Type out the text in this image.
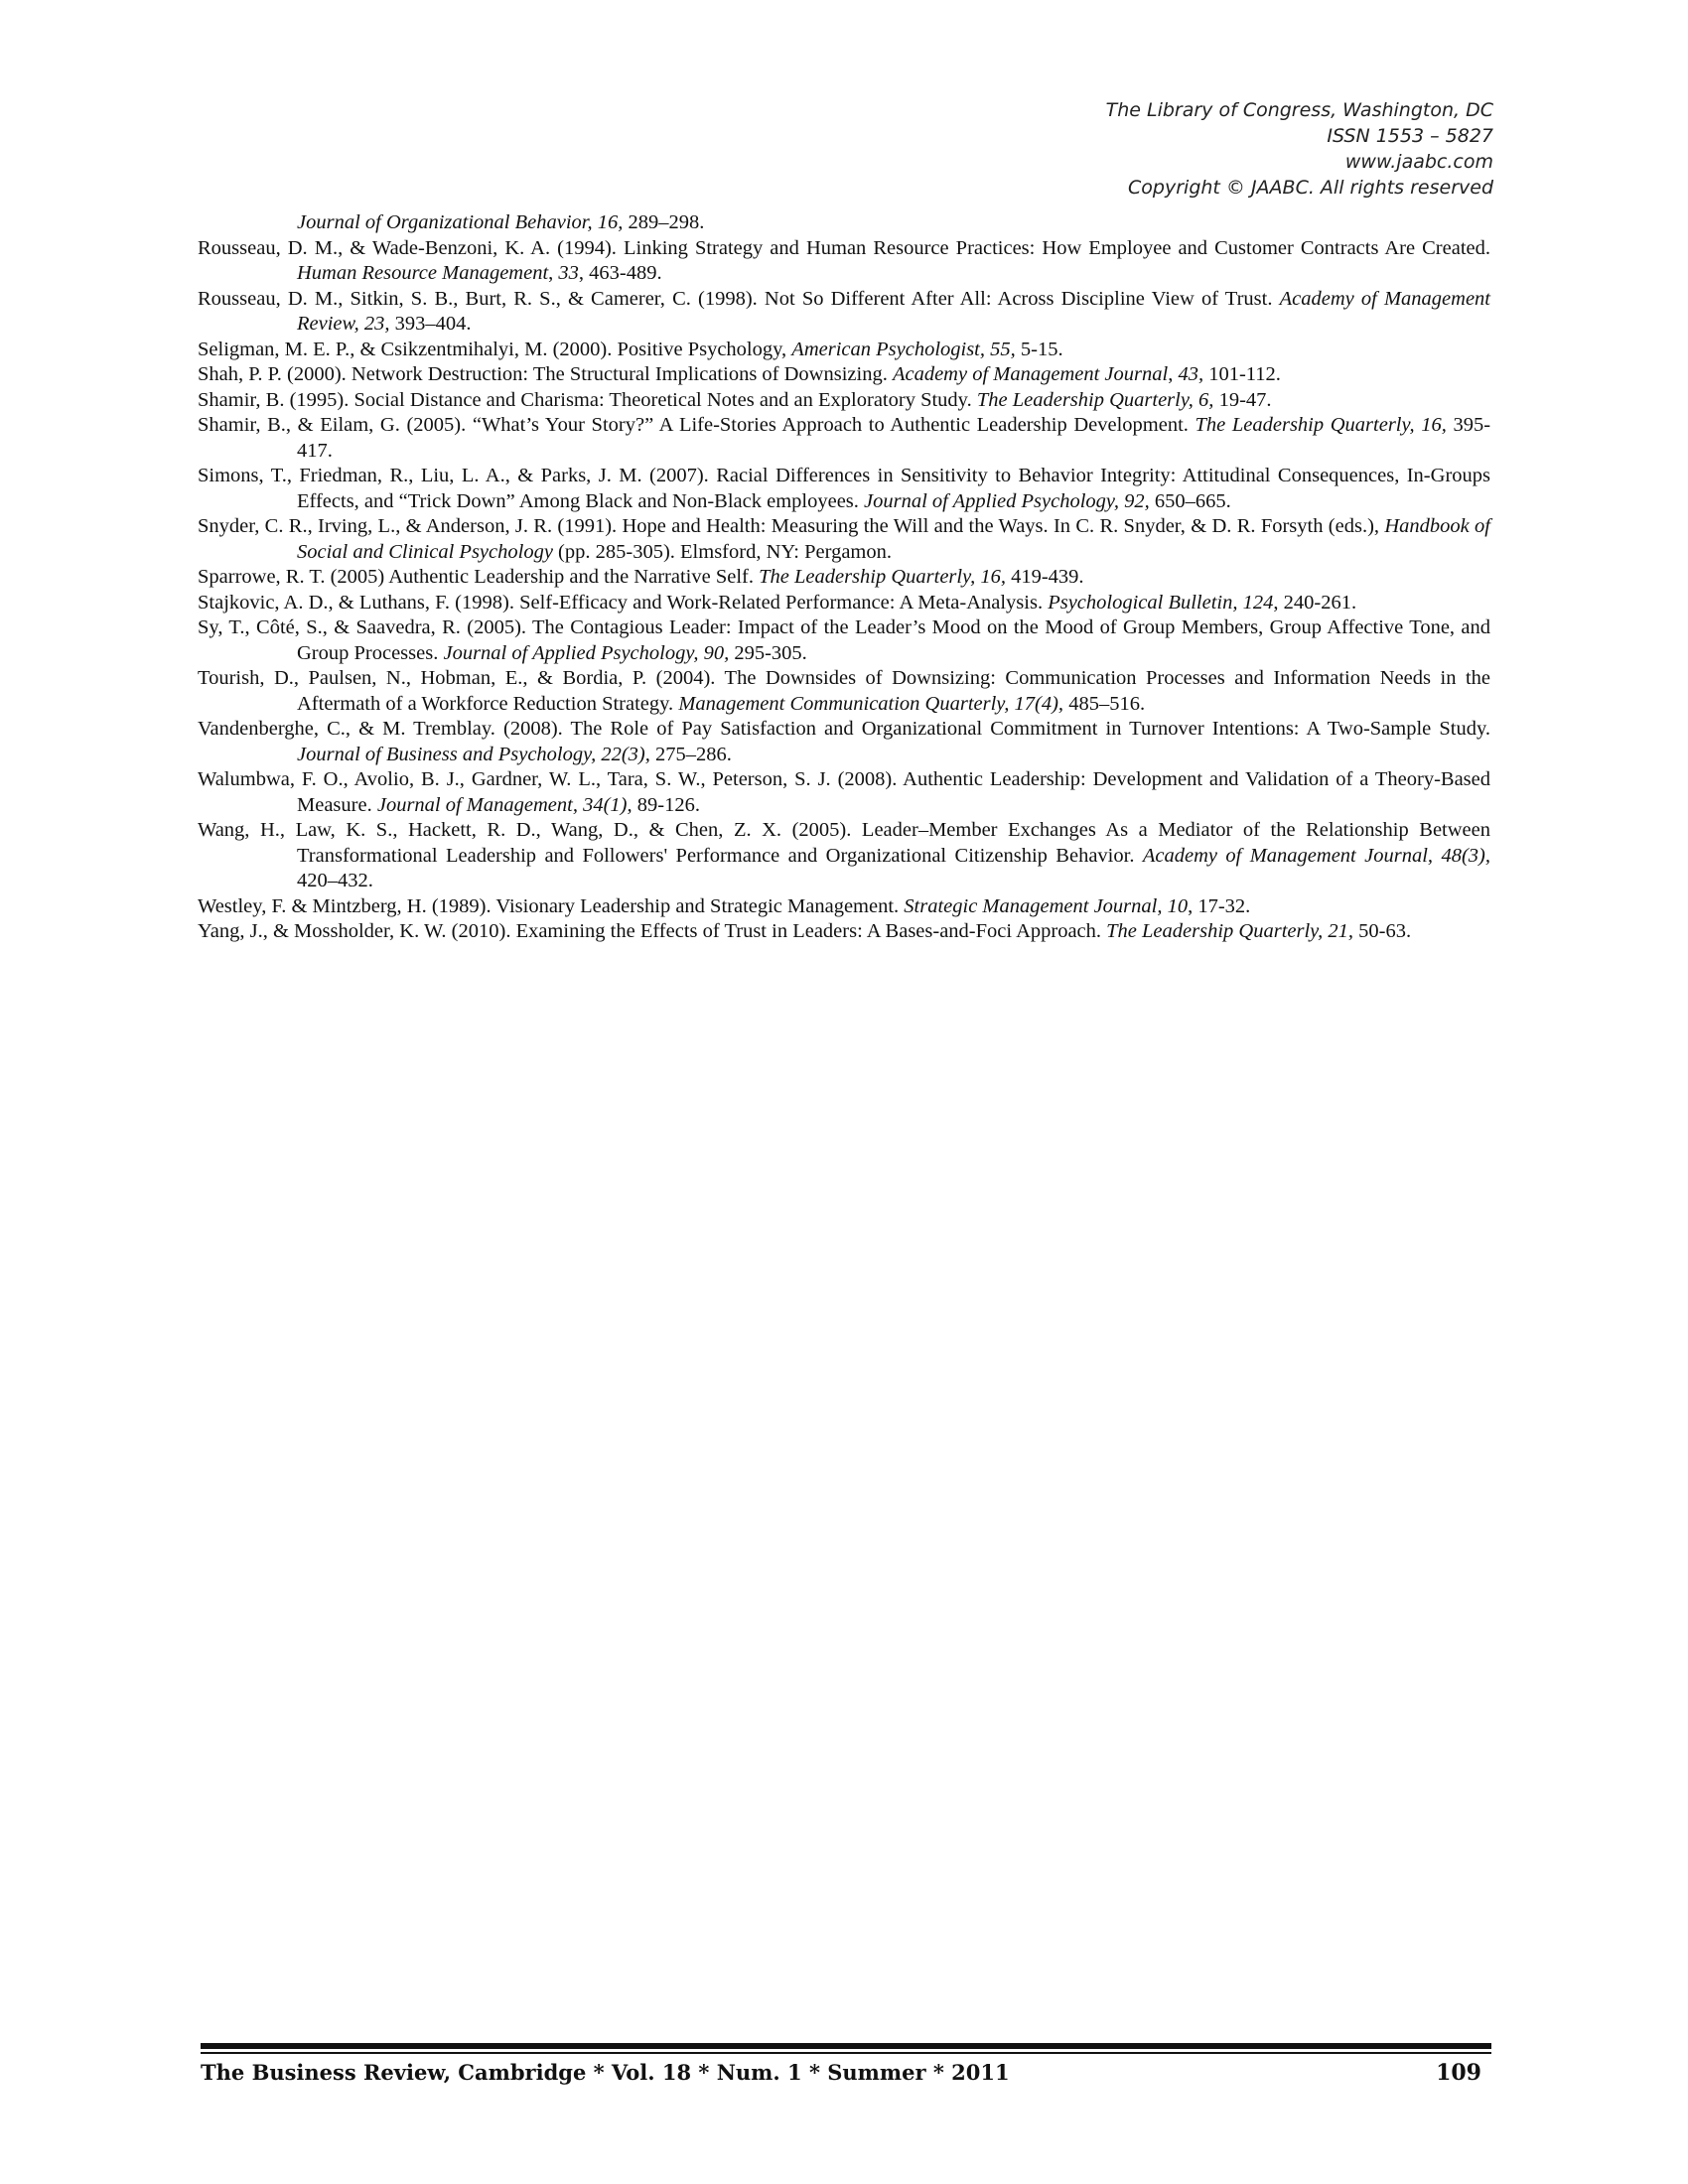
The Library of Congress, Washington, DC
ISSN 1553 – 5827
www.jaabc.com
Copyright © JAABC. All rights reserved

Journal of Organizational Behavior, 16, 289–298.

Rousseau, D. M., & Wade-Benzoni, K. A. (1994). Linking Strategy and Human Resource Practices: How Employee and Customer Contracts Are Created. Human Resource Management, 33, 463-489.

Rousseau, D. M., Sitkin, S. B., Burt, R. S., & Camerer, C. (1998). Not So Different After All: Across Discipline View of Trust. Academy of Management Review, 23, 393–404.

Seligman, M. E. P., & Csikzentmihalyi, M. (2000). Positive Psychology, American Psychologist, 55, 5-15.

Shah, P. P. (2000). Network Destruction: The Structural Implications of Downsizing. Academy of Management Journal, 43, 101-112.

Shamir, B. (1995). Social Distance and Charisma: Theoretical Notes and an Exploratory Study. The Leadership Quarterly, 6, 19-47.

Shamir, B., & Eilam, G. (2005). “What’s Your Story?” A Life-Stories Approach to Authentic Leadership Development. The Leadership Quarterly, 16, 395-417.

Simons, T., Friedman, R., Liu, L. A., & Parks, J. M. (2007). Racial Differences in Sensitivity to Behavior Integrity: Attitudinal Consequences, In-Groups Effects, and “Trick Down” Among Black and Non-Black employees. Journal of Applied Psychology, 92, 650–665.

Snyder, C. R., Irving, L., & Anderson, J. R. (1991). Hope and Health: Measuring the Will and the Ways. In C. R. Snyder, & D. R. Forsyth (eds.), Handbook of Social and Clinical Psychology (pp. 285-305). Elmsford, NY: Pergamon.

Sparrowe, R. T. (2005) Authentic Leadership and the Narrative Self. The Leadership Quarterly, 16, 419-439.

Stajkovic, A. D., & Luthans, F. (1998). Self-Efficacy and Work-Related Performance: A Meta-Analysis. Psychological Bulletin, 124, 240-261.

Sy, T., Côté, S., & Saavedra, R. (2005). The Contagious Leader: Impact of the Leader’s Mood on the Mood of Group Members, Group Affective Tone, and Group Processes. Journal of Applied Psychology, 90, 295-305.

Tourish, D., Paulsen, N., Hobman, E., & Bordia, P. (2004). The Downsides of Downsizing: Communication Processes and Information Needs in the Aftermath of a Workforce Reduction Strategy. Management Communication Quarterly, 17(4), 485–516.

Vandenberghe, C., & M. Tremblay. (2008). The Role of Pay Satisfaction and Organizational Commitment in Turnover Intentions: A Two-Sample Study. Journal of Business and Psychology, 22(3), 275–286.

Walumbwa, F. O., Avolio, B. J., Gardner, W. L., Tara, S. W., Peterson, S. J. (2008). Authentic Leadership: Development and Validation of a Theory-Based Measure. Journal of Management, 34(1), 89-126.

Wang, H., Law, K. S., Hackett, R. D., Wang, D., & Chen, Z. X. (2005). Leader–Member Exchanges As a Mediator of the Relationship Between Transformational Leadership and Followers' Performance and Organizational Citizenship Behavior. Academy of Management Journal, 48(3), 420–432.

Westley, F. & Mintzberg, H. (1989). Visionary Leadership and Strategic Management. Strategic Management Journal, 10, 17-32.

Yang, J., & Mossholder, K. W. (2010). Examining the Effects of Trust in Leaders: A Bases-and-Foci Approach. The Leadership Quarterly, 21, 50-63.

The Business Review, Cambridge * Vol. 18 * Num. 1 * Summer * 2011	109
